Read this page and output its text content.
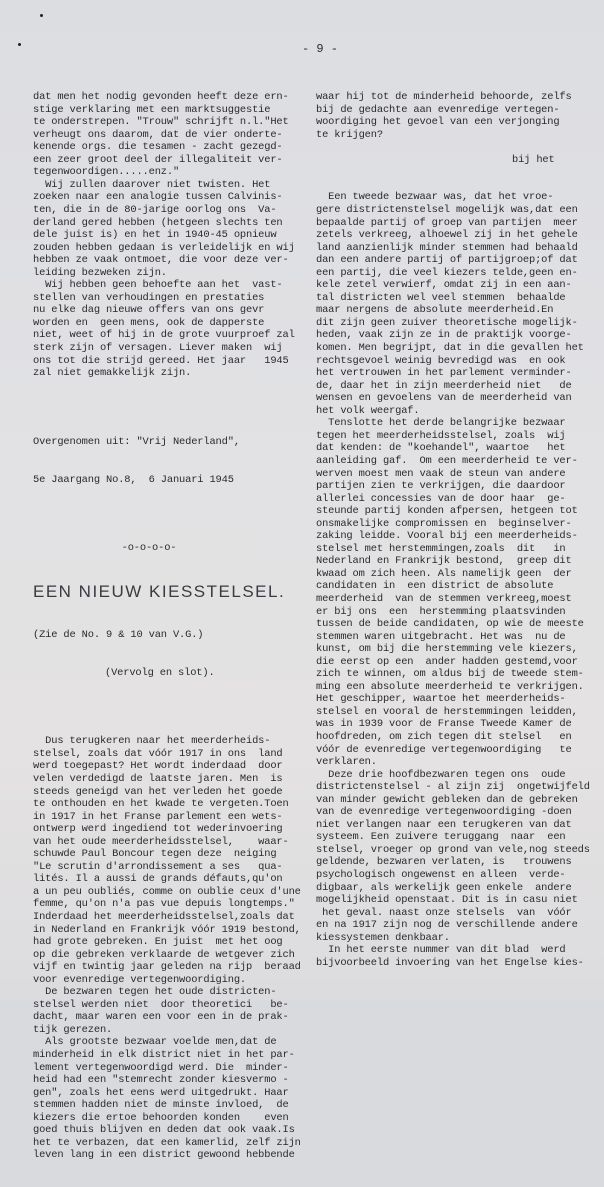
- 9 -

dat men het nodig gevonden heeft deze ern-
stige verklaring met een marktsuggestie
te onderstrepen. "Trouw" schrijft n.l."Het
verheugt ons daarom, dat de vier onderte-
kenende orgs. die tesamen - zacht gezegd-
een zeer groot deel der illegaliteit ver-
tegenwoordigen.....enz."
Wij zullen daarover niet twisten. Het
zoeken naar een analogie tussen Calvinis-
ten, die in de 80-jarige oorlog ons  Va-
derland gered hebben (hetgeen slechts ten
dele juist is) en het in 1940-45 opnieuw
zouden hebben gedaan is verleidelijk en wij
hebben ze vaak ontmoet, die voor deze ver-
leiding bezweken zijn.
Wij hebben geen behoefte aan het  vast-
stellen van verhoudingen en prestaties
nu elke dag nieuwe offers van ons gevr
worden en  geen mens, ook de dapperste
niet, weet of hij in de grote vuurproef zal
sterk zijn of versagen. Liever maken  wij
ons tot die strijd gereed. Het jaar   1945
zal niet gemakkelijk zijn.

Overgenomen uit: "Vrij Nederland",

5e Jaargang No.8,  6 Januari 1945

-o-o-o-o-

EEN NIEUW KIESSTELSEL.

(Zie de No. 9 & 10 van V.G.)

(Vervolg en slot).

Dus terugkeren naar het meerderheids-
stelsel, zoals dat vóór 1917 in ons  land
werd toegepast? Het wordt inderdaad  door
velen verdedigd de laatste jaren. Men  is
steeds geneigd van het verleden het goede
te onthouden en het kwade te vergeten.Toen
in 1917 in het Franse parlement een wets-
ontwerp werd ingediend tot wederinvoering
van het oude meerderheidsstelsel,    waar-
schuwde Paul Boncour tegen deze  neiging
"Le scrutin d'arrondissement a ses   qua-
lités. Il a aussi de grands défauts,qu'on
a un peu oubliés, comme on oublie ceux d'une
femme, qu'on n'a pas vue depuis longtemps."
Inderdaad het meerderheidsstelsel,zoals dat
in Nederland en Frankrijk vóór 1919 bestond,
had grote gebreken. En juist  met het oog
op die gebreken verklaarde de wetgever zich
vijf en twintig jaar geleden na rijp  beraad
voor evenredige vertegenwoordiging.
De bezwaren tegen het oude districten-
stelsel werden niet  door theoretici   be-
dacht, maar waren een voor een in de prak-
tijk gerezen.
Als grootste bezwaar voelde men,dat de
minderheid in elk district niet in het par-
lement vertegenwoordigd werd. Die  minder-
heid had een "stemrecht zonder kiesvermo -
gen", zoals het eens werd uitgedrukt. Haar
stemmen hadden niet de minste invloed,  de
kiezers die ertoe behoorden konden    even
goed thuis blijven en deden dat ook vaak.Is
het te verbazen, dat een kamerlid, zelf zijn
leven lang in een district gewoond hebbende

waar hij tot de minderheid behoorde, zelfs
bij de gedachte aan evenredige vertegen-
woordiging het gevoel van een verjonging
te krijgen?

bij het

Een tweede bezwaar was, dat het vroe-
gere districtenstelsel mogelijk was,dat een
bepaalde partij of groep van partijen  meer
zetels verkreeg, alhoewel zij in het gehele
land aanzienlijk minder stemmen had behaald
dan een andere partij of partijgroep;of dat
een partij, die veel kiezers telde,geen en-
kele zetel verwierf, omdat zij in een aan-
tal districten wel veel stemmen  behaalde
maar nergens de absolute meerderheid.En
dit zijn geen zuiver theoretische mogelijk-
heden, vaak zijn ze in de praktijk voorge-
komen. Men begrijpt, dat in die gevallen het
rechtsgevoel weinig bevredigd was  en ook
het vertrouwen in het parlement verminder-
de, daar het in zijn meerderheid niet   de
wensen en gevoelens van de meerderheid van
het volk weergaf.
Tenslotte het derde belangrijke bezwaar
tegen het meerderheidsstelsel, zoals  wij
dat kenden: de "koehandel", waartoe   het
aanleiding gaf.  Om een meerderheid te ver-
werven moest men vaak de steun van andere
partijen zien te verkrijgen, die daardoor
allerlei concessies van de door haar  ge-
steunde partij konden afpersen, hetgeen tot
onsmakelijke compromissen en  beginselver-
zaking leidde. Vooral bij een meerderheids-
stelsel met herstemmingen,zoals  dit   in
Nederland en Frankrijk bestond,  greep dit
kwaad om zich heen. Als namelijk geen  der
candidaten in  een district de absolute
meerderheid  van de stemmen verkreeg,moest
er bij ons  een  herstemming plaatsvinden
tussen de beide candidaten, op wie de meeste
stemmen waren uitgebracht. Het was  nu de
kunst, om bij die herstemming vele kiezers,
die eerst op een  ander hadden gestemd,voor
zich te winnen, om aldus bij de tweede stem-
ming een absolute meerderheid te verkrijgen.
Het geschipper, waartoe het meerderheids-
stelsel en vooral de herstemmingen leidden,
was in 1939 voor de Franse Tweede Kamer de
hoofdreden, om zich tegen dit stelsel   en
vóór de evenredige vertegenwoordiging   te
verklaren.
Deze drie hoofdbezwaren tegen ons  oude
districtenstelsel - al zijn zij  ongetwijfeld
van minder gewicht gebleken dan de gebreken
van de evenredige vertegenwoordiging -doen
niet verlangen naar een terugkeren van dat
systeem. Een zuivere teruggang  naar  een
stelsel, vroeger op grond van vele,nog steeds
geldende, bezwaren verlaten, is   trouwens
psychologisch ongewenst en alleen  verde-
digbaar, als werkelijk geen enkele  andere
mogelijkheid openstaat. Dit is in casu niet
het geval. naast onze stelsels  van  vóór
en na 1917 zijn nog de verschillende andere
kiessystemen denkbaar.
In het eerste nummer van dit blad  werd
bijvoorbeeld invoering van het Engelse kies-
